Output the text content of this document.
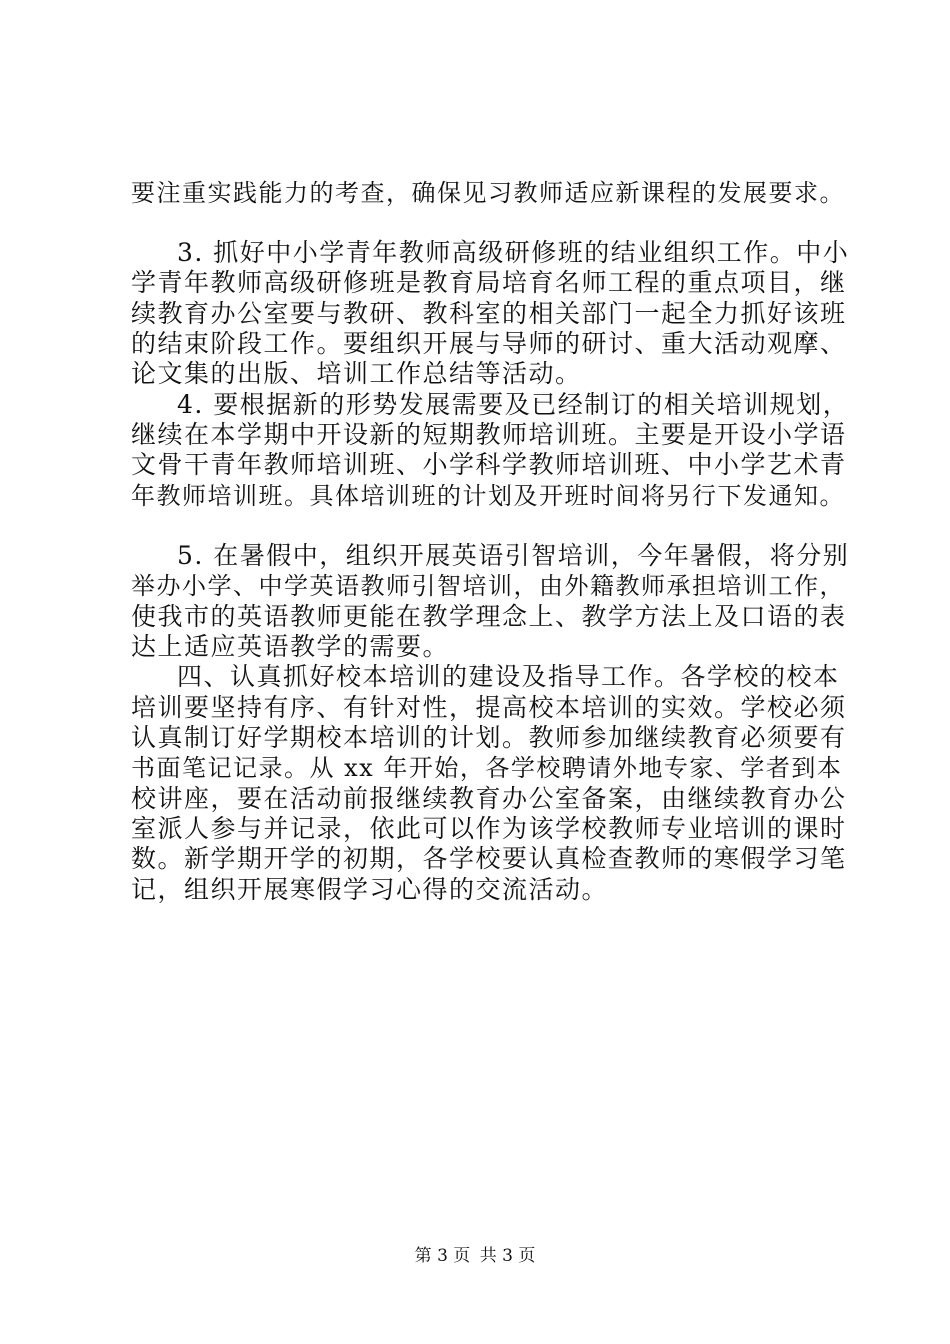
要注重实践能力的考查，确保见习教师适应新课程的发展要求。
3. 抓好中小学青年教师高级研修班的结业组织工作。中小
学青年教师高级研修班是教育局培育名师工程的重点项目，继
续教育办公室要与教研、教科室的相关部门一起全力抓好该班
的结束阶段工作。要组织开展与导师的研讨、重大活动观摩、
论文集的出版、培训工作总结等活动。
4. 要根据新的形势发展需要及已经制订的相关培训规划，
继续在本学期中开设新的短期教师培训班。主要是开设小学语
文骨干青年教师培训班、小学科学教师培训班、中小学艺术青
年教师培训班。具体培训班的计划及开班时间将另行下发通知。
5. 在暑假中，组织开展英语引智培训，今年暑假，将分别
举办小学、中学英语教师引智培训，由外籍教师承担培训工作，
使我市的英语教师更能在教学理念上、教学方法上及口语的表
达上适应英语教学的需要。
四、认真抓好校本培训的建设及指导工作。各学校的校本
培训要坚持有序、有针对性，提高校本培训的实效。学校必须
认真制订好学期校本培训的计划。教师参加继续教育必须要有
书面笔记记录。从 xx 年开始，各学校聘请外地专家、学者到本
校讲座，要在活动前报继续教育办公室备案，由继续教育办公
室派人参与并记录，依此可以作为该学校教师专业培训的课时
数。新学期开学的初期，各学校要认真检查教师的寒假学习笔
记，组织开展寒假学习心得的交流活动。
第 3 页 共 3 页
